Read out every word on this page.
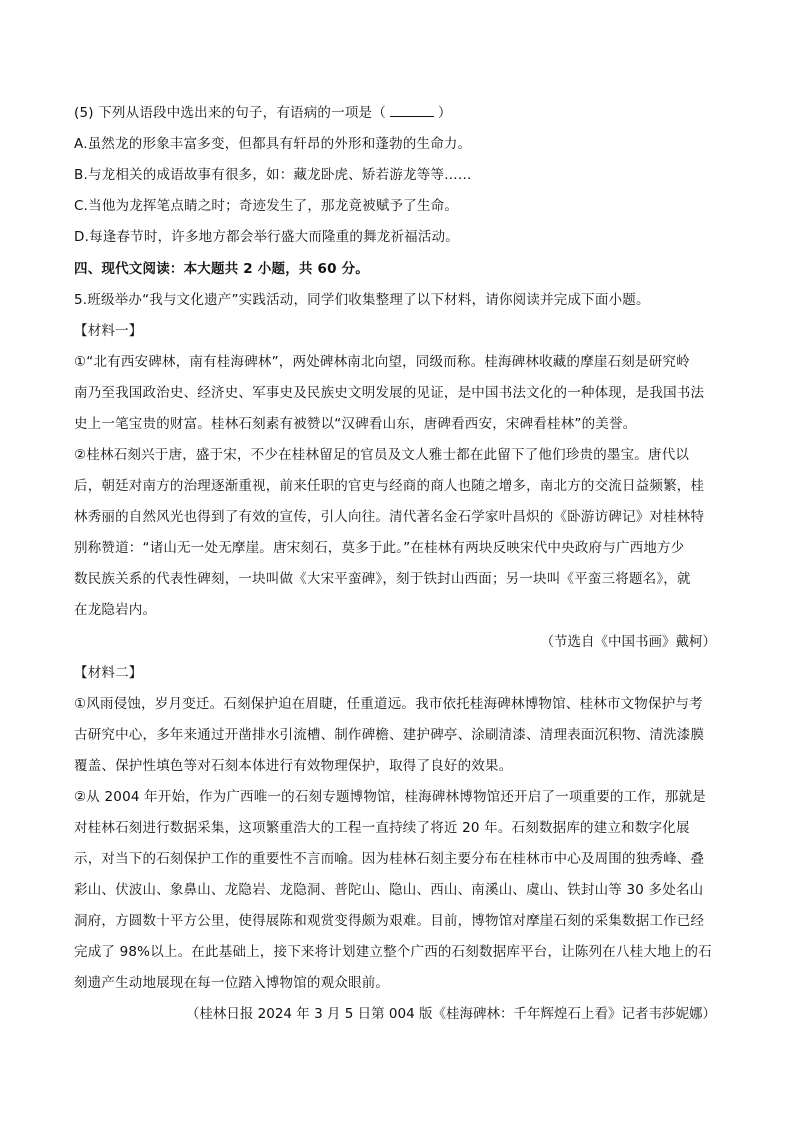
(5) 下列从语段中选出来的句子，有语病的一项是（	）
A.虽然龙的形象丰富多变，但都具有轩昂的外形和蓬勃的生命力。
B.与龙相关的成语故事有很多，如：藏龙卧虎、矫若游龙等等……
C.当他为龙挥笔点睛之时；奇迹发生了，那龙竟被赋予了生命。
D.每逢春节时，许多地方都会举行盛大而隆重的舞龙祈福活动。
四、现代文阅读：本大题共 2 小题，共 60 分。
5.班级举办“我与文化遗产”实践活动，同学们收集整理了以下材料，请你阅读并完成下面小题。
【材料一】
①“北有西安碑林，南有桂海碑林”，两处碑林南北向望，同级而称。桂海碑林收藏的摩崖石刻是研究岭
南乃至我国政治史、经济史、军事史及民族史文明发展的见证，是中国书法文化的一种体现，是我国书法
史上一笔宝贵的财富。桂林石刻素有被赞以“汉碑看山东，唐碑看西安，宋碑看桂林”的美誉。
②桂林石刻兴于唐，盛于宋，不少在桂林留足的官员及文人雅士都在此留下了他们珍贵的墨宝。唐代以
后，朝廷对南方的治理逐渐重视，前来任职的官吏与经商的商人也随之增多，南北方的交流日益频繁，桂
林秀丽的自然风光也得到了有效的宣传，引人向往。清代著名金石学家叶昌炽的《卧游访碑记》对桂林特
别称赞道：“诸山无一处无摩崖。唐宋刻石，莫多于此。”在桂林有两块反映宋代中央政府与广西地方少
数民族关系的代表性碑刻，一块叫做《大宋平蛮碑》，刻于铁封山西面；另一块叫《平蛮三将题名》，就
在龙隐岩内。
（节选自《中国书画》戴柯）
【材料二】
①风雨侵蚀，岁月变迁。石刻保护迫在眉睫，任重道远。我市依托桂海碑林博物馆、桂林市文物保护与考
古研究中心，多年来通过开凿排水引流槽、制作碑檐、建护碑亭、涂刷清漆、清理表面沉积物、清洗漆膜
覆盖、保护性填色等对石刻本体进行有效物理保护，取得了良好的效果。
②从 2004 年开始，作为广西唯一的石刻专题博物馆，桂海碑林博物馆还开启了一项重要的工作，那就是
对桂林石刻进行数据采集，这项繁重浩大的工程一直持续了将近 20 年。石刻数据库的建立和数字化展
示，对当下的石刻保护工作的重要性不言而喻。因为桂林石刻主要分布在桂林市中心及周围的独秀峰、叠
彩山、伏波山、象鼻山、龙隐岩、龙隐洞、普陀山、隐山、西山、南溪山、虞山、铁封山等 30 多处名山
洞府，方圆数十平方公里，使得展陈和观赏变得颇为艰难。目前，博物馆对摩崖石刻的采集数据工作已经
完成了 98%以上。在此基础上，接下来将计划建立整个广西的石刻数据库平台，让陈列在八桂大地上的石
刻遗产生动地展现在每一位踏入博物馆的观众眼前。
（桂林日报 2024 年 3 月 5 日第 004 版《桂海碑林：千年辉煌石上看》记者韦莎妮娜）
